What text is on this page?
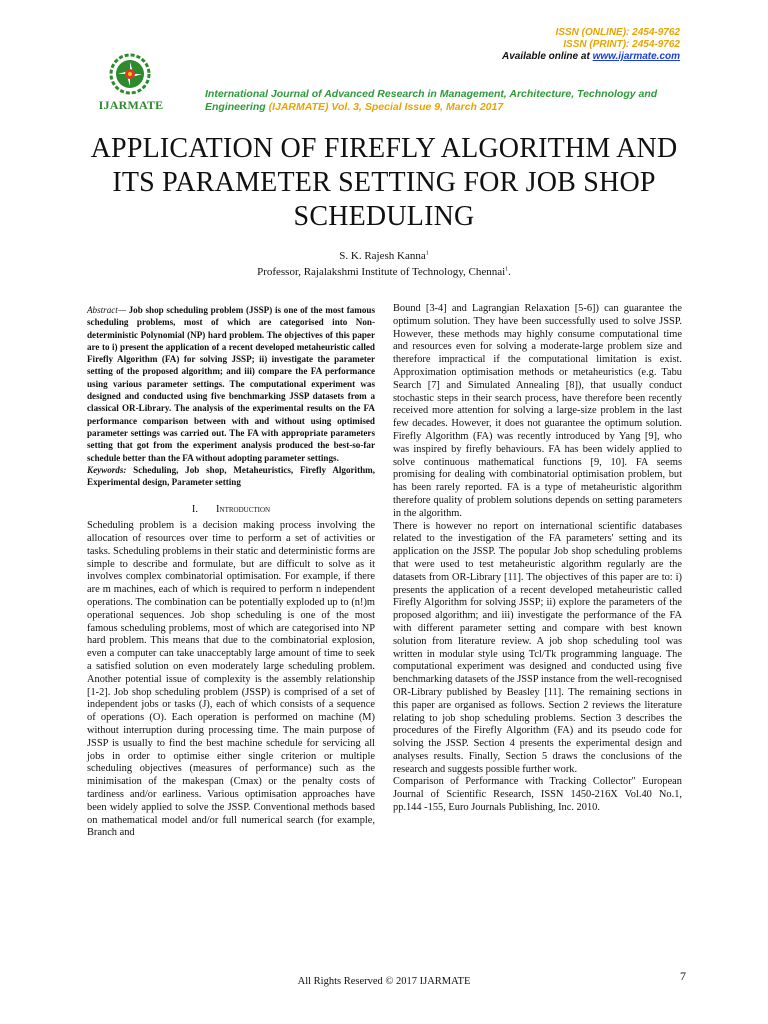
ISSN (ONLINE): 2454-9762
ISSN (PRINT): 2454-9762
Available online at www.ijarmate.com
IJARMATE
International Journal of Advanced Research in Management, Architecture, Technology and
Engineering (IJARMATE) Vol. 3, Special Issue 9, March 2017
APPLICATION OF FIREFLY ALGORITHM AND ITS PARAMETER SETTING FOR JOB SHOP SCHEDULING
S. K. Rajesh Kanna$^1$
Professor, Rajalakshmi Institute of Technology, Chennai$^1$.

Abstract— Job shop scheduling problem (JSSP) is one of the most famous scheduling problems, most of which are categorised into Non-deterministic Polynomial (NP) hard problem. The objectives of this paper are to i) present the application of a recent developed metaheuristic called Firefly Algorithm (FA) for solving JSSP; ii) investigate the parameter setting of the proposed algorithm; and iii) compare the FA performance using various parameter settings. The computational experiment was designed and conducted using five benchmarking JSSP datasets from a classical OR-Library. The analysis of the experimental results on the FA performance comparison between with and without using optimised parameter settings was carried out. The FA with appropriate parameters setting that got from the experiment analysis produced the best-so-far schedule better than the FA without adopting parameter settings.

Keywords: Scheduling, Job shop, Metaheuristics, Firefly Algorithm, Experimental design, Parameter setting

I. Introduction

Scheduling problem is a decision making process involving the allocation of resources over time to perform a set of activities or tasks. Scheduling problems in their static and deterministic forms are simple to describe and formulate, but are difficult to solve as it involves complex combinatorial optimisation. For example, if there are m machines, each of which is required to perform n independent operations. The combination can be potentially exploded up to (n!)m operational sequences. Job shop scheduling is one of the most famous scheduling problems, most of which are categorised into NP hard problem. This means that due to the combinatorial explosion, even a computer can take unacceptably large amount of time to seek a satisfied solution on even moderately large scheduling problem. Another potential issue of complexity is the assembly relationship [1-2]. Job shop scheduling problem (JSSP) is comprised of a set of independent jobs or tasks (J), each of which consists of a sequence of operations (O). Each operation is performed on machine (M) without interruption during processing time. The main purpose of JSSP is usually to find the best machine schedule for servicing all jobs in order to optimise either single criterion or multiple scheduling objectives (measures of performance) such as the minimisation of the makespan (Cmax) or the penalty costs of tardiness and/or earliness. Various optimisation approaches have been widely applied to solve the JSSP. Conventional methods based on mathematical model and/or full numerical search (for example, Branch and

Bound [3-4] and Lagrangian Relaxation [5-6]) can guarantee the optimum solution. They have been successfully used to solve JSSP. However, these methods may highly consume computational time and resources even for solving a moderate-large problem size and therefore impractical if the computational limitation is exist. Approximation optimisation methods or metaheuristics (e.g. Tabu Search [7] and Simulated Annealing [8]), that usually conduct stochastic steps in their search process, have therefore been recently received more attention for solving a large-size problem in the last few decades. However, it does not guarantee the optimum solution. Firefly Algorithm (FA) was recently introduced by Yang [9], who was inspired by firefly behaviours. FA has been widely applied to solve continuous mathematical functions [9, 10]. FA seems promising for dealing with combinatorial optimisation problem, but has been rarely reported. FA is a type of metaheuristic algorithm therefore quality of problem solutions depends on setting parameters in the algorithm.

There is however no report on international scientific databases related to the investigation of the FA parameters' setting and its application on the JSSP. The popular Job shop scheduling problems that were used to test metaheuristic algorithm regularly are the datasets from OR-Library [11]. The objectives of this paper are to: i) presents the application of a recent developed metaheuristic called Firefly Algorithm for solving JSSP; ii) explore the parameters of the proposed algorithm; and iii) investigate the performance of the FA with different parameter setting and compare with best known solution from literature review. A job shop scheduling tool was written in modular style using Tcl/Tk programming language. The computational experiment was designed and conducted using five benchmarking datasets of the JSSP instance from the well-recognised OR-Library published by Beasley [11]. The remaining sections in this paper are organised as follows. Section 2 reviews the literature relating to job shop scheduling problems. Section 3 describes the procedures of the Firefly Algorithm (FA) and its pseudo code for solving the JSSP. Section 4 presents the experimental design and analyses results. Finally, Section 5 draws the conclusions of the research and suggests possible further work.

Comparison of Performance with Tracking Collector" European Journal of Scientific Research, ISSN 1450-216X Vol.40 No.1, pp.144 -155, Euro Journals Publishing, Inc. 2010.

All Rights Reserved © 2017 IJARMATE	7
